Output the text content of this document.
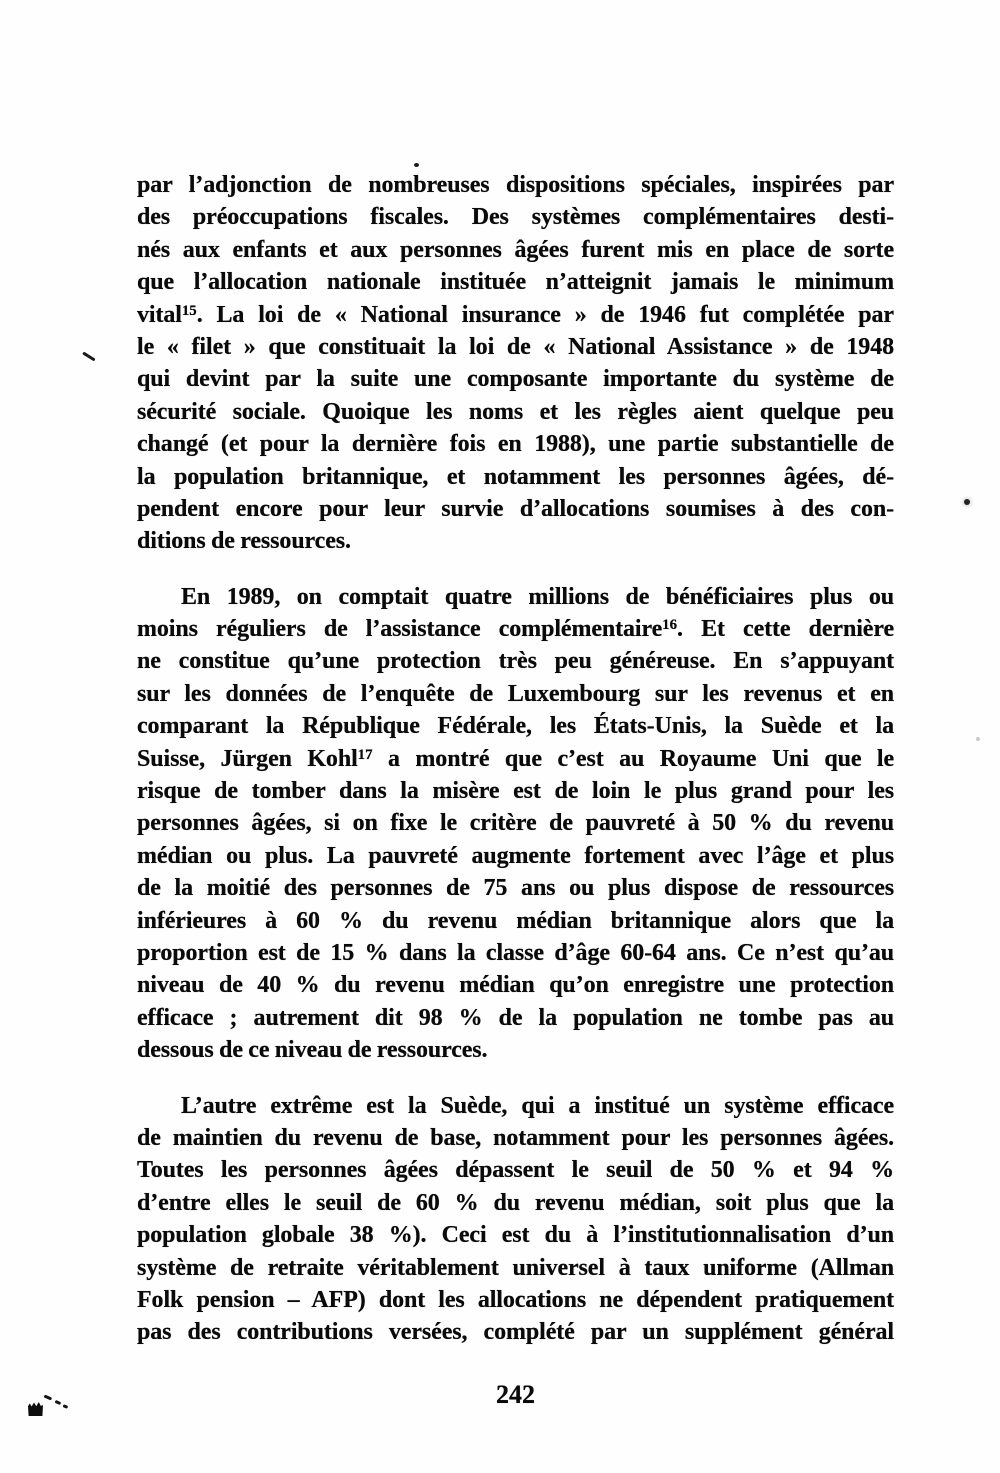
par l’adjonction de nombreuses dispositions spéciales, inspirées par
des préoccupations fiscales. Des systèmes complémentaires desti-
nés aux enfants et aux personnes âgées furent mis en place de sorte
que l’allocation nationale instituée n’atteignit jamais le minimum
vital$^{15}$. La loi de « National insurance » de 1946 fut complétée par
le « filet » que constituait la loi de « National Assistance » de 1948
qui devint par la suite une composante importante du système de
sécurité sociale. Quoique les noms et les règles aient quelque peu
changé (et pour la dernière fois en 1988), une partie substantielle de
la population britannique, et notamment les personnes âgées, dé-
pendent encore pour leur survie d’allocations soumises à des con-
ditions de ressources.
En 1989, on comptait quatre millions de bénéficiaires plus ou
moins réguliers de l’assistance complémentaire$^{16}$. Et cette dernière
ne constitue qu’une protection très peu généreuse. En s’appuyant
sur les données de l’enquête de Luxembourg sur les revenus et en
comparant la République Fédérale, les États-Unis, la Suède et la
Suisse, Jürgen Kohl$^{17}$ a montré que c’est au Royaume Uni que le
risque de tomber dans la misère est de loin le plus grand pour les
personnes âgées, si on fixe le critère de pauvreté à 50 % du revenu
médian ou plus. La pauvreté augmente fortement avec l’âge et plus
de la moitié des personnes de 75 ans ou plus dispose de ressources
inférieures à 60 % du revenu médian britannique alors que la
proportion est de 15 % dans la classe d’âge 60-64 ans. Ce n’est qu’au
niveau de 40 % du revenu médian qu’on enregistre une protection
efficace ; autrement dit 98 % de la population ne tombe pas au
dessous de ce niveau de ressources.
L’autre extrême est la Suède, qui a institué un système efficace
de maintien du revenu de base, notamment pour les personnes âgées.
Toutes les personnes âgées dépassent le seuil de 50 % et 94 %
d’entre elles le seuil de 60 % du revenu médian, soit plus que la
population globale 38 %). Ceci est du à l’institutionnalisation d’un
système de retraite véritablement universel à taux uniforme (Allman
Folk pension – AFP) dont les allocations ne dépendent pratiquement
pas des contributions versées, complété par un supplément général
242
